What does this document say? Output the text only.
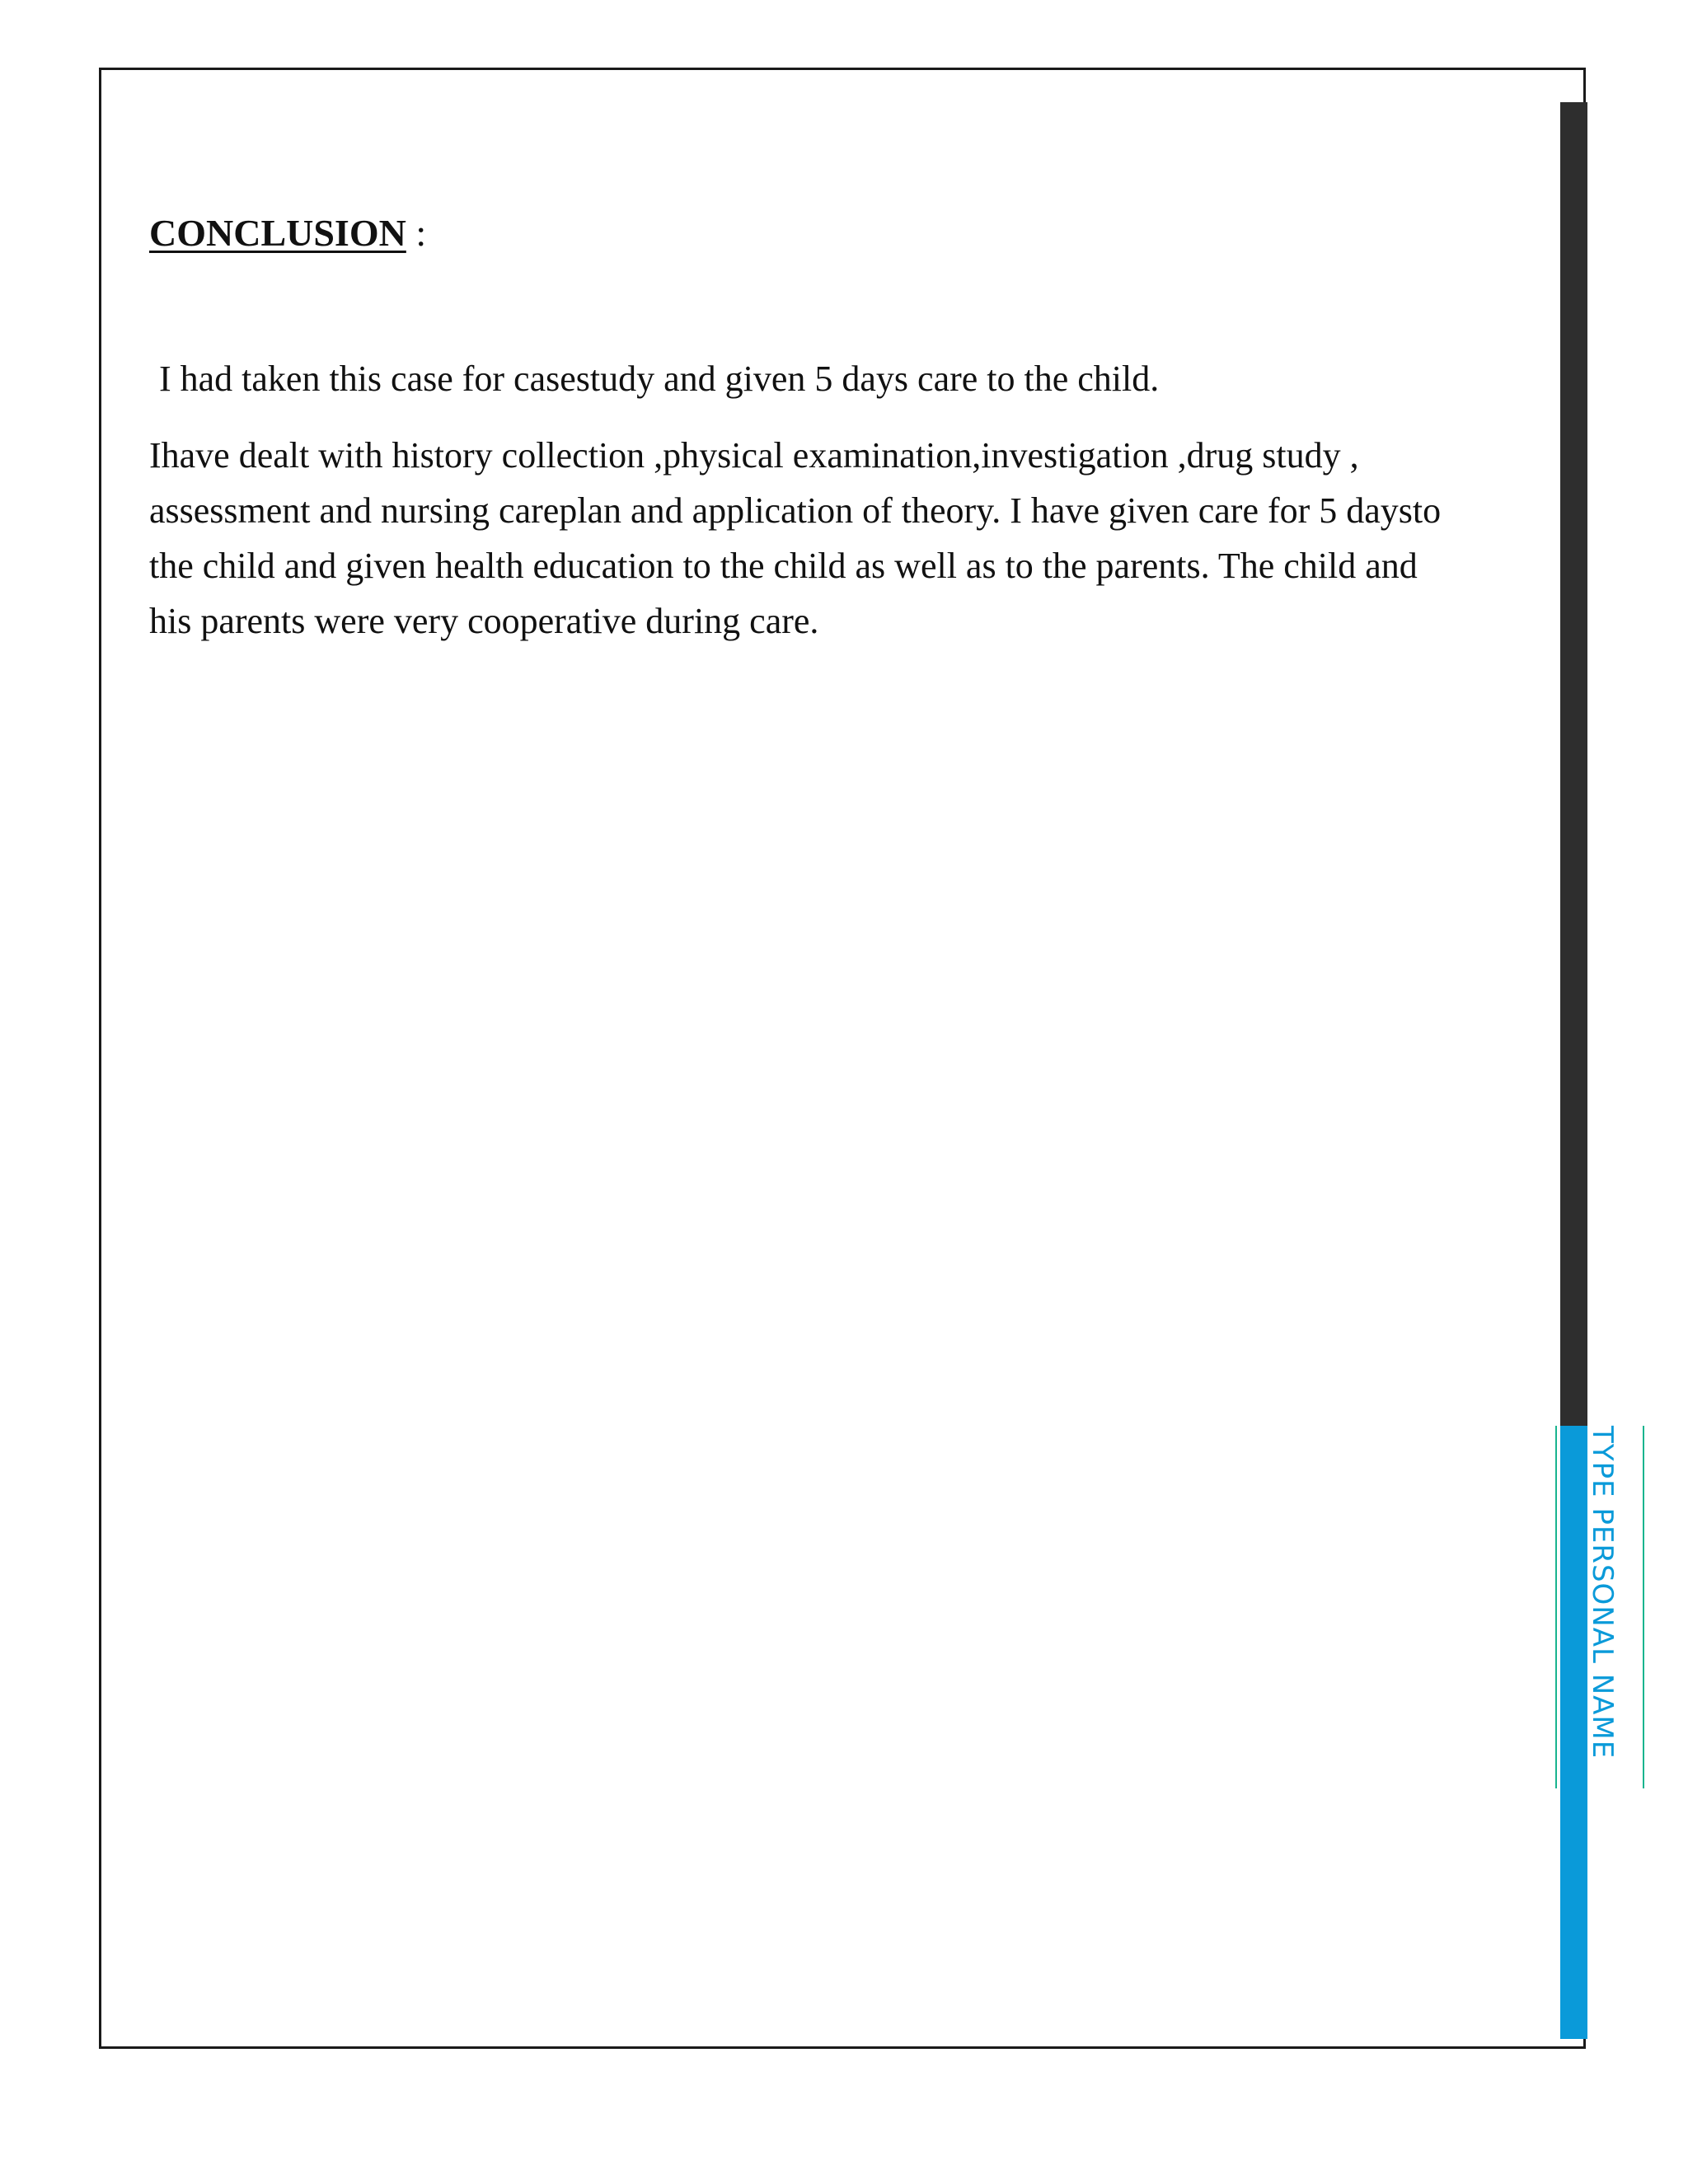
TYPE PERSONAL NAME

CONCLUSION :

I had taken this case for casestudy and given 5 days care to the child.

Ihave dealt with history collection ,physical examination,investigation ,drug study ,
assessment and nursing careplan and application of theory. I have given care for 5 daysto
the child and given health education to the child as well as to the parents. The child and
his parents were very cooperative during care.
